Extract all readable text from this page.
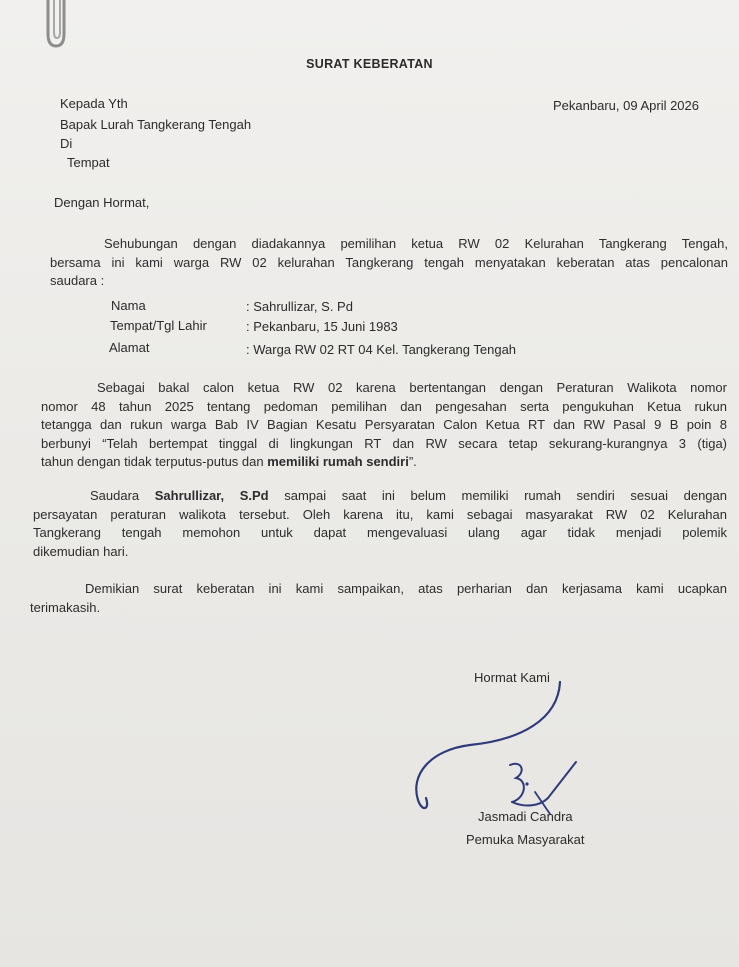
SURAT KEBERATAN
Kepada Yth
Bapak Lurah Tangkerang Tengah
Di
Tempat
Pekanbaru, 09 April 2026
Dengan Hormat,
Sehubungan dengan diadakannya pemilihan ketua RW 02 Kelurahan Tangkerang Tengah,
bersama ini kami warga RW 02 kelurahan Tangkerang tengah menyatakan keberatan atas pencalonan
saudara :
Nama	: Sahrullizar, S. Pd
Tempat/Tgl Lahir	: Pekanbaru, 15 Juni 1983
Alamat	: Warga RW 02 RT 04 Kel. Tangkerang Tengah
Sebagai bakal calon ketua RW 02 karena bertentangan dengan Peraturan Walikota nomor
nomor 48 tahun 2025 tentang pedoman pemilihan dan pengesahan serta pengukuhan Ketua rukun
tetangga dan rukun warga Bab IV Bagian Kesatu Persyaratan Calon Ketua RT dan RW Pasal 9 B poin 8
berbunyi “Telah bertempat tinggal di lingkungan RT dan RW secara tetap sekurang-kurangnya 3 (tiga)
tahun dengan tidak terputus-putus dan memiliki rumah sendiri”.
Saudara Sahrullizar, S.Pd sampai saat ini belum memiliki rumah sendiri sesuai dengan
persayatan peraturan walikota tersebut. Oleh karena itu, kami sebagai masyarakat RW 02 Kelurahan
Tangkerang tengah memohon untuk dapat mengevaluasi ulang agar tidak menjadi polemik
dikemudian hari.
Demikian surat keberatan ini kami sampaikan, atas perharian dan kerjasama kami ucapkan
terimakasih.
Hormat Kami
Jasmadi Candra
Pemuka Masyarakat
